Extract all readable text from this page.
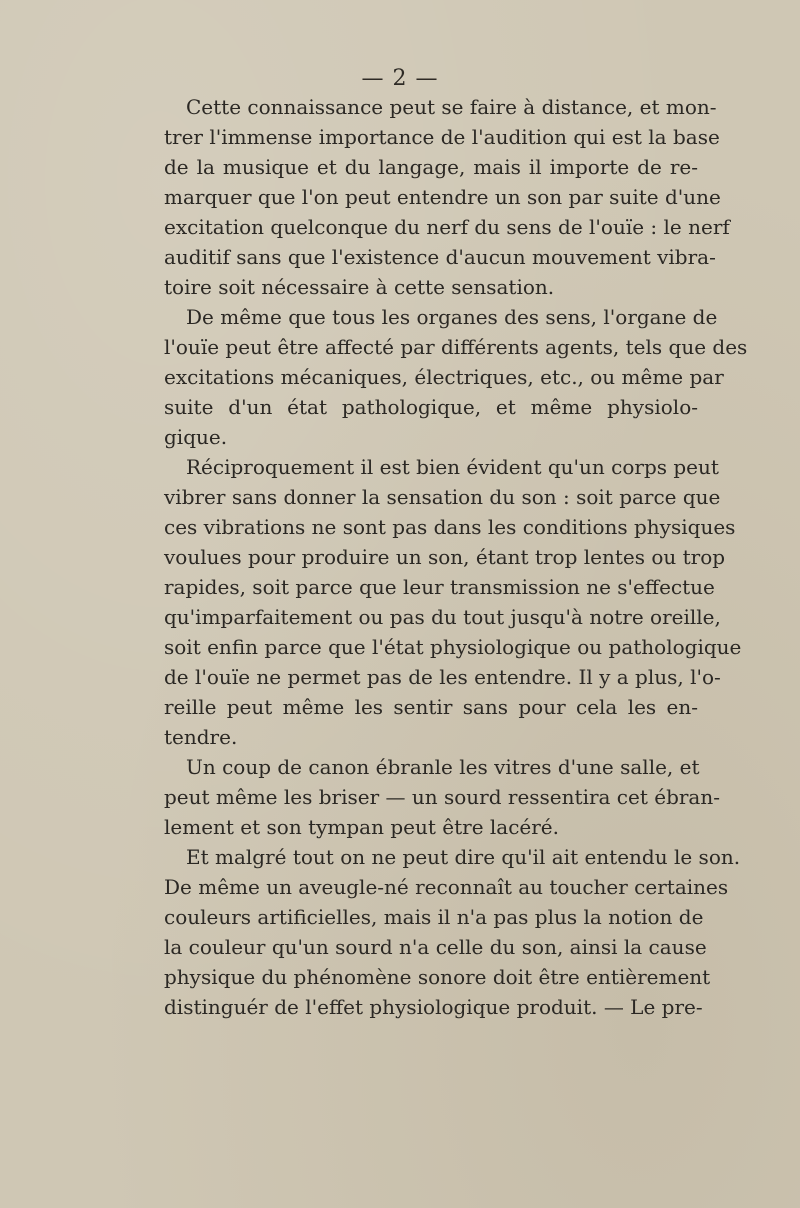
— 2 —
Cette connaissance peut se faire à distance, et mon-
trer l'immense importance de l'audition qui est la base
de la musique et du langage, mais il importe de re-
marquer que l'on peut entendre un son par suite d'une
excitation quelconque du nerf du sens de l'ouïe : le nerf
auditif sans que l'existence d'aucun mouvement vibra-
toire soit nécessaire à cette sensation.
De même que tous les organes des sens, l'organe de
l'ouïe peut être affecté par différents agents, tels que des
excitations mécaniques, électriques, etc., ou même par
suite d'un état pathologique, et même physiolo-
gique.
Réciproquement il est bien évident qu'un corps peut
vibrer sans donner la sensation du son : soit parce que
ces vibrations ne sont pas dans les conditions physiques
voulues pour produire un son, étant trop lentes ou trop
rapides, soit parce que leur transmission ne s'effectue
qu'imparfaitement ou pas du tout jusqu'à notre oreille,
soit enfin parce que l'état physiologique ou pathologique
de l'ouïe ne permet pas de les entendre. Il y a plus, l'o-
reille peut même les sentir sans pour cela les en-
tendre.
Un coup de canon ébranle les vitres d'une salle, et
peut même les briser — un sourd ressentira cet ébran-
lement et son tympan peut être lacéré.
Et malgré tout on ne peut dire qu'il ait entendu le son.
De même un aveugle-né reconnaît au toucher certaines
couleurs artificielles, mais il n'a pas plus la notion de
la couleur qu'un sourd n'a celle du son, ainsi la cause
physique du phénomène sonore doit être entièrement
distinguér de l'effet physiologique produit. — Le pre-
